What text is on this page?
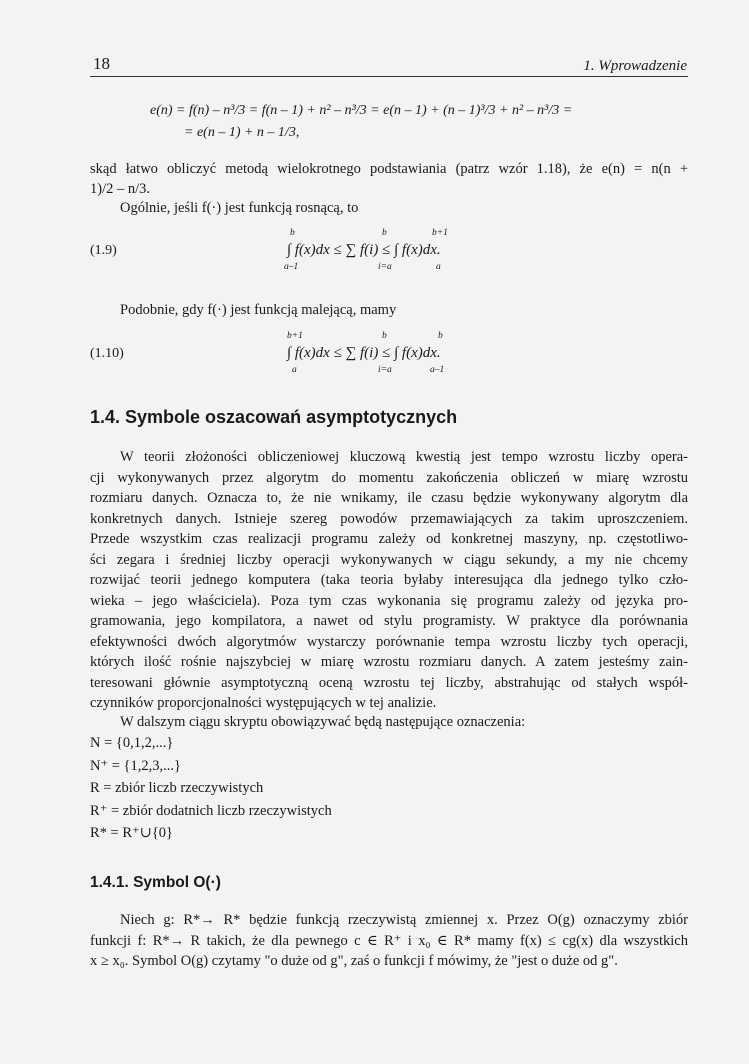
18	1. Wprowadzenie
e(n) = f(n) – n³/3 = f(n – 1) + n² – n³/3 = e(n – 1) + (n – 1)³/3 + n² – n³/3 =
= e(n – 1) + n – 1/3,
skąd łatwo obliczyć metodą wielokrotnego podstawiania (patrz wzór 1.18), że e(n) = n(n +
1)/2 – n/3.
Ogólnie, jeśli f(·) jest funkcją rosnącą, to
(1.9)	∫ f(x)dx ≤ ∑ f(i) ≤ ∫ f(x)dx.
b
a–1
b
i=a
b+1
a
Podobnie, gdy f(·) jest funkcją malejącą, mamy
(1.10)	∫ f(x)dx ≤ ∑ f(i) ≤ ∫ f(x)dx.
b+1
a
b
i=a
b
a–1
1.4. Symbole oszacowań asymptotycznych
W teorii złożoności obliczeniowej kluczową kwestią jest tempo wzrostu liczby opera-
cji wykonywanych przez algorytm do momentu zakończenia obliczeń w miarę wzrostu
rozmiaru danych. Oznacza to, że nie wnikamy, ile czasu będzie wykonywany algorytm dla
konkretnych danych. Istnieje szereg powodów przemawiających za takim uproszczeniem.
Przede wszystkim czas realizacji programu zależy od konkretnej maszyny, np. częstotliwo-
ści zegara i średniej liczby operacji wykonywanych w ciągu sekundy, a my nie chcemy
rozwijać teorii jednego komputera (taka teoria byłaby interesująca dla jednego tylko czło-
wieka – jego właściciela). Poza tym czas wykonania się programu zależy od języka pro-
gramowania, jego kompilatora, a nawet od stylu programisty. W praktyce dla porównania
efektywności dwóch algorytmów wystarczy porównanie tempa wzrostu liczby tych operacji,
których ilość rośnie najszybciej w miarę wzrostu rozmiaru danych. A zatem jesteśmy zain-
teresowani głównie asymptotyczną oceną wzrostu tej liczby, abstrahując od stałych współ-
czynników proporcjonalności występujących w tej analizie.
W dalszym ciągu skryptu obowiązywać będą następujące oznaczenia:
N = {0,1,2,...}
N⁺ = {1,2,3,...}
R = zbiór liczb rzeczywistych
R⁺ = zbiór dodatnich liczb rzeczywistych
R* = R⁺∪{0}
1.4.1. Symbol O(·)
Niech g: R*→ R* będzie funkcją rzeczywistą zmiennej x. Przez O(g) oznaczymy zbiór
funkcji f: R*→ R takich, że dla pewnego c ∈ R⁺ i x₀ ∈ R* mamy f(x) ≤ cg(x) dla wszystkich
x ≥ x₀. Symbol O(g) czytamy "o duże od g", zaś o funkcji f mówimy, że "jest o duże od g".
